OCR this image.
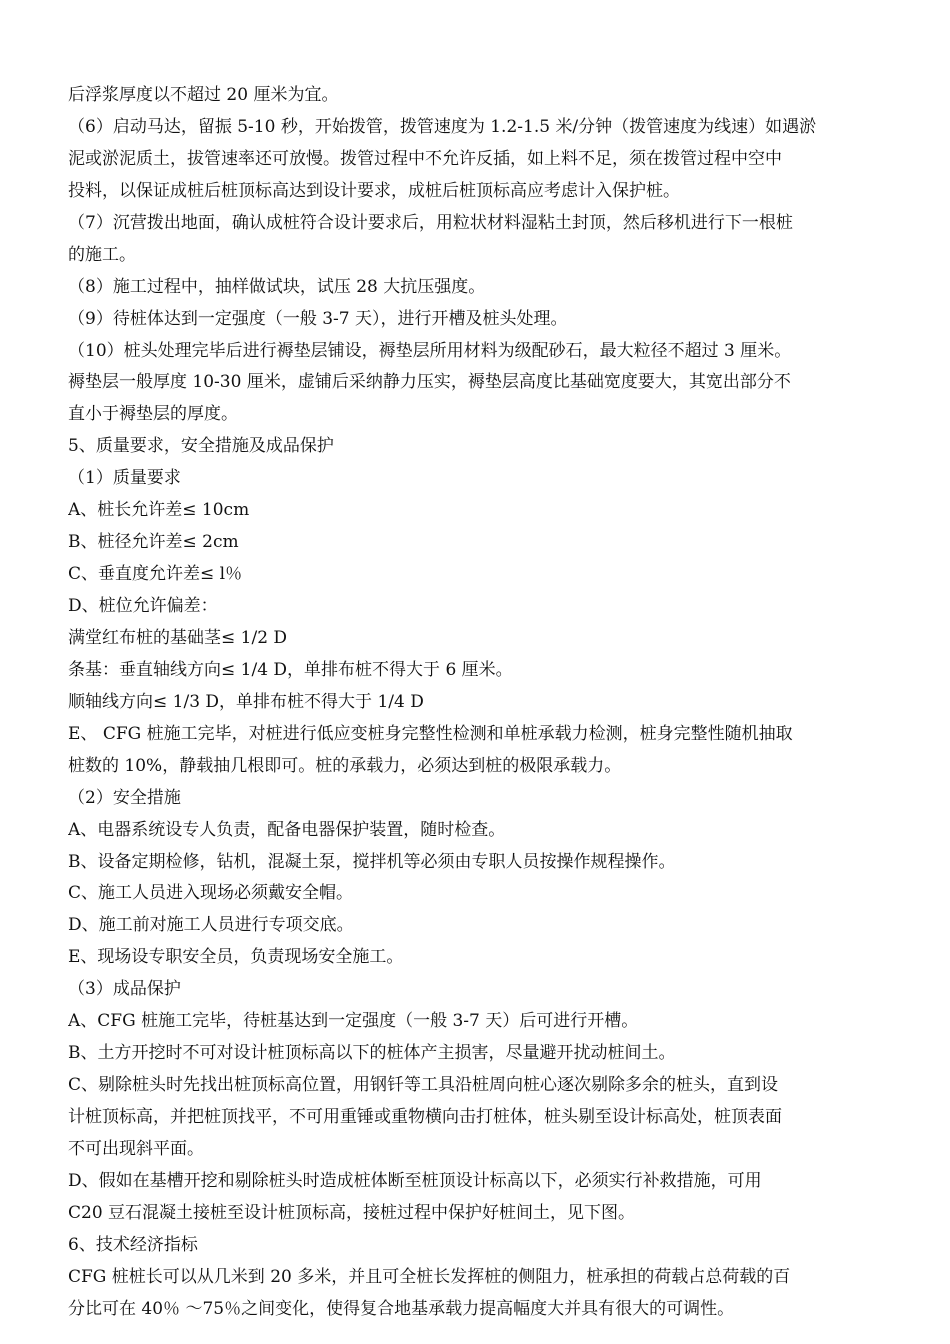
后浮浆厚度以不超过 20 厘米为宜。
（6）启动马达，留振 5-10 秒，开始拨管，拨管速度为 1.2-1.5 米/分钟（拨管速度为线速）如遇淤
泥或淤泥质土，拔管速率还可放慢。拨管过程中不允许反插，如上料不足，须在拨管过程中空中
投料，以保证成桩后桩顶标高达到设计要求，成桩后桩顶标高应考虑计入保护桩。
（7）沉营拨出地面，确认成桩符合设计要求后，用粒状材料湿粘土封顶，然后移机进行下一根桩
的施工。
（8）施工过程中，抽样做试块，试压 28 大抗压强度。
（9）待桩体达到一定强度（一般 3-7 天），进行开槽及桩头处理。
（10）桩头处理完毕后进行褥垫层铺设，褥垫层所用材料为级配砂石，最大粒径不超过 3 厘米。
褥垫层一般厚度 10-30 厘米，虚铺后采纳静力压实，褥垫层高度比基础宽度要大，其宽出部分不
直小于褥垫层的厚度。
5、质量要求，安全措施及成品保护
（1）质量要求
A、桩长允许差≤ 10cm
B、桩径允许差≤ 2cm
C、垂直度允许差≤ l％
D、桩位允许偏差：
满堂红布桩的基础茎≤ 1/2 D
条基：垂直轴线方向≤ 1/4 D，单排布桩不得大于 6 厘米。
顺轴线方向≤ 1/3 D，单排布桩不得大于 1/4 D
E、 CFG 桩施工完毕，对桩进行低应变桩身完整性检测和单桩承载力检测，桩身完整性随机抽取
桩数的 10%，静载抽几根即可。桩的承载力，必须达到桩的极限承载力。
（2）安全措施
A、电器系统设专人负责，配备电器保护装置，随时检查。
B、设备定期检修，钻机，混凝土泵，搅拌机等必须由专职人员按操作规程操作。
C、施工人员进入现场必须戴安全帽。
D、施工前对施工人员进行专项交底。
E、现场设专职安全员，负责现场安全施工。
（3）成品保护
A、CFG 桩施工完毕，待桩基达到一定强度（一般 3-7 天）后可进行开槽。
B、土方开挖时不可对设计桩顶标高以下的桩体产主损害，尽量避开扰动桩间土。
C、剔除桩头时先找出桩顶标高位置，用钢钎等工具沿桩周向桩心逐次剔除多余的桩头，直到设
计桩顶标高，并把桩顶找平，不可用重锤或重物横向击打桩体，桩头剔至设计标高处，桩顶表面
不可出现斜平面。
D、假如在基槽开挖和剔除桩头时造成桩体断至桩顶设计标高以下，必须实行补救措施，可用
C20 豆石混凝土接桩至设计桩顶标高，接桩过程中保护好桩间土，见下图。
6、技术经济指标
CFG 桩桩长可以从几米到 20 多米，并且可全桩长发挥桩的侧阻力，桩承担的荷载占总荷载的百
分比可在 40％ ～75％之间变化，使得复合地基承载力提高幅度大并具有很大的可调性。
